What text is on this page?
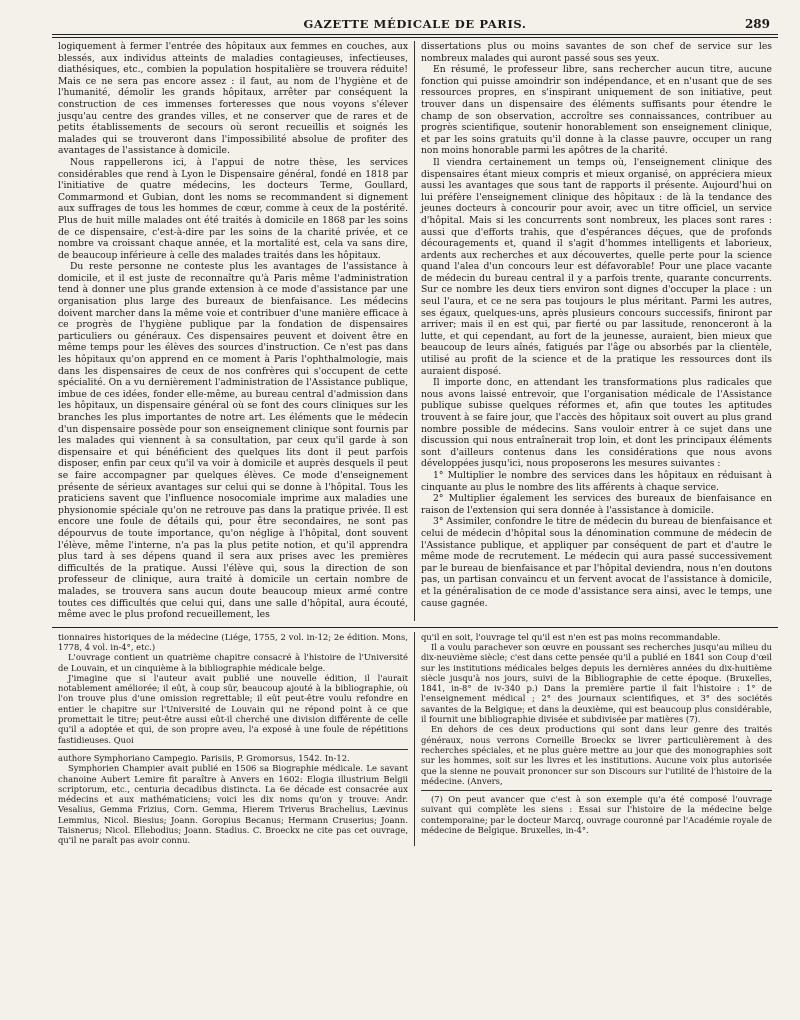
GAZETTE MÉDICALE DE PARIS.	289

logiquement à fermer l'entrée des hôpitaux aux femmes en couches, aux blessés, aux individus atteints de maladies contagieuses, infectieuses, diathésiques, etc., combien la population hospitalière se trouvera réduite! Mais ce ne sera pas encore assez : il faut, au nom de l'hygiène et de l'humanité, démolir les grands hôpitaux, arrêter par conséquent la construction de ces immenses forteresses que nous voyons s'élever jusqu'au centre des grandes villes, et ne conserver que de rares et de petits établissements de secours où seront recueillis et soignés les malades qui se trouveront dans l'impossibilité absolue de profiter des avantages de l'assistance à domicile.

Nous rappellerons ici, à l'appui de notre thèse, les services considérables que rend à Lyon le Dispensaire général, fondé en 1818 par l'initiative de quatre médecins, les docteurs Terme, Goullard, Commarmond et Gubian, dont les noms se recommandent si dignement aux suffrages de tous les hommes de cœur, comme à ceux de la postérité. Plus de huit mille malades ont été traités à domicile en 1868 par les soins de ce dispensaire, c'est-à-dire par les soins de la charité privée, et ce nombre va croissant chaque année, et la mortalité est, cela va sans dire, de beaucoup inférieure à celle des malades traités dans les hôpitaux.

Du reste personne ne conteste plus les avantages de l'assistance à domicile, et il est juste de reconnaître qu'à Paris même l'administration tend à donner une plus grande extension à ce mode d'assistance par une organisation plus large des bureaux de bienfaisance. Les médecins doivent marcher dans la même voie et contribuer d'une manière efficace à ce progrès de l'hygiène publique par la fondation de dispensaires particuliers ou généraux. Ces dispensaires peuvent et doivent être en même temps pour les élèves des sources d'instruction. Ce n'est pas dans les hôpitaux qu'on apprend en ce moment à Paris l'ophthalmologie, mais dans les dispensaires de ceux de nos confrères qui s'occupent de cette spécialité. On a vu dernièrement l'administration de l'Assistance publique, imbue de ces idées, fonder elle-même, au bureau central d'admission dans les hôpitaux, un dispensaire général où se font des cours cliniques sur les branches les plus importantes de notre art. Les éléments que le médecin d'un dispensaire possède pour son enseignement clinique sont fournis par les malades qui viennent à sa consultation, par ceux qu'il garde à son dispensaire et qui bénéficient des quelques lits dont il peut parfois disposer, enfin par ceux qu'il va voir à domicile et auprès desquels il peut se faire accompagner par quelques élèves. Ce mode d'enseignement présente de sérieux avantages sur celui qui se donne à l'hôpital. Tous les praticiens savent que l'influence nosocomiale imprime aux maladies une physionomie spéciale qu'on ne retrouve pas dans la pratique privée. Il est encore une foule de détails qui, pour être secondaires, ne sont pas dépourvus de toute importance, qu'on néglige à l'hôpital, dont souvent l'élève, même l'interne, n'a pas la plus petite notion, et qu'il apprendra plus tard à ses dépens quand il sera aux prises avec les premières difficultés de la pratique. Aussi l'élève qui, sous la direction de son professeur de clinique, aura traité à domicile un certain nombre de malades, se trouvera sans aucun doute beaucoup mieux armé contre toutes ces difficultés que celui qui, dans une salle d'hôpital, aura écouté, même avec le plus profond recueillement, les

dissertations plus ou moins savantes de son chef de service sur les nombreux malades qui auront passé sous ses yeux.

En résumé, le professeur libre, sans rechercher aucun titre, aucune fonction qui puisse amoindrir son indépendance, et en n'usant que de ses ressources propres, en s'inspirant uniquement de son initiative, peut trouver dans un dispensaire des éléments suffisants pour étendre le champ de son observation, accroître ses connaissances, contribuer au progrès scientifique, soutenir honorablement son enseignement clinique, et par les soins gratuits qu'il donne à la classe pauvre, occuper un rang non moins honorable parmi les apôtres de la charité.

Il viendra certainement un temps où, l'enseignement clinique des dispensaires étant mieux compris et mieux organisé, on appréciera mieux aussi les avantages que sous tant de rapports il présente. Aujourd'hui on lui préfère l'enseignement clinique des hôpitaux : de là la tendance des jeunes docteurs à concourir pour avoir, avec un titre officiel, un service d'hôpital. Mais si les concurrents sont nombreux, les places sont rares : aussi que d'efforts trahis, que d'espérances déçues, que de profonds découragements et, quand il s'agit d'hommes intelligents et laborieux, ardents aux recherches et aux découvertes, quelle perte pour la science quand l'alea d'un concours leur est défavorable! Pour une place vacante de médecin du bureau central il y a parfois trente, quarante concurrents. Sur ce nombre les deux tiers environ sont dignes d'occuper la place : un seul l'aura, et ce ne sera pas toujours le plus méritant. Parmi les autres, ses égaux, quelques-uns, après plusieurs concours successifs, finiront par arriver; mais il en est qui, par fierté ou par lassitude, renonceront à la lutte, et qui cependant, au fort de la jeunesse, auraient, bien mieux que beaucoup de leurs aînés, fatigués par l'âge ou absorbés par la clientèle, utilisé au profit de la science et de la pratique les ressources dont ils auraient disposé.

Il importe donc, en attendant les transformations plus radicales que nous avons laissé entrevoir, que l'organisation médicale de l'Assistance publique subisse quelques réformes et, afin que toutes les aptitudes trouvent à se faire jour, que l'accès des hôpitaux soit ouvert au plus grand nombre possible de médecins. Sans vouloir entrer à ce sujet dans une discussion qui nous entraînerait trop loin, et dont les principaux éléments sont d'ailleurs contenus dans les considérations que nous avons développées jusqu'ici, nous proposerons les mesures suivantes :

1° Multiplier le nombre des services dans les hôpitaux en réduisant à cinquante au plus le nombre des lits afférents à chaque service.

2° Multiplier également les services des bureaux de bienfaisance en raison de l'extension qui sera donnée à l'assistance à domicile.

3° Assimiler, confondre le titre de médecin du bureau de bienfaisance et celui de médecin d'hôpital sous la dénomination commune de médecin de l'Assistance publique, et appliquer par conséquent de part et d'autre le même mode de recrutement. Le médecin qui aura passé successivement par le bureau de bienfaisance et par l'hôpital deviendra, nous n'en doutons pas, un partisan convaincu et un fervent avocat de l'assistance à domicile, et la généralisation de ce mode d'assistance sera ainsi, avec le temps, une cause gagnée.

tionnaires historiques de la médecine (Liége, 1755, 2 vol. in-12; 2e édition. Mons, 1778, 4 vol. in-4°, etc.)

L'ouvrage contient un quatrième chapitre consacré à l'histoire de l'Université de Louvain, et un cinquième à la bibliographie médicale belge.

J'imagine que si l'auteur avait publié une nouvelle édition, il l'aurait notablement améliorée; il eût, à coup sûr, beaucoup ajouté à la bibliographie, où l'on trouve plus d'une omission regrettable; il eût peut-être voulu refondre en entier le chapitre sur l'Université de Louvain qui ne répond point à ce que promettait le titre; peut-être aussi eût-il cherché une division différente de celle qu'il a adoptée et qui, de son propre aveu, l'a exposé à une foule de répétitions fastidieuses. Quoi

authore Symphoriano Campegio. Parisiis, P. Gromorsus, 1542. In-12.

Symphorien Champier avait publié en 1506 sa Biographie médicale. Le savant chanoine Aubert Lemire fit paraître à Anvers en 1602: Elogia illustrium Belgii scriptorum, etc., centuria decadibus distincta. La 6e décade est consacrée aux médecins et aux mathématiciens; voici les dix noms qu'on y trouve: Andr. Vesalius, Gemma Frizius, Corn. Gemma, Hierem Triverus Brachelius, Lævinus Lemmius, Nicol. Biesius; Joann. Goropius Becanus; Hermann Cruserius; Joann. Taisnerus; Nicol. Ellebodius; Joann. Stadius. C. Broeckx ne cite pas cet ouvrage, qu'il ne paraît pas avoir connu.

qu'il en soit, l'ouvrage tel qu'il est n'en est pas moins recommandable.

Il a voulu parachever son œuvre en poussant ses recherches jusqu'au milieu du dix-neuvième siècle; c'est dans cette pensée qu'il a publié en 1841 son Coup d'œil sur les institutions médicales belges depuis les dernières années du dix-huitième siècle jusqu'à nos jours, suivi de la Bibliographie de cette époque. (Bruxelles, 1841, in-8° de iv-340 p.) Dans la première partie il fait l'histoire : 1° de l'enseignement médical ; 2° des journaux scientifiques, et 3° des sociétés savantes de la Belgique; et dans la deuxième, qui est beaucoup plus considérable, il fournit une bibliographie divisée et subdivisée par matières (7).

En dehors de ces deux productions qui sont dans leur genre des traités généraux, nous verrons Corneille Broeckx se livrer particulièrement à des recherches spéciales, et ne plus guère mettre au jour que des monographies soit sur les hommes, soit sur les livres et les institutions. Aucune voix plus autorisée que la sienne ne pouvait prononcer sur son Discours sur l'utilité de l'histoire de la médecine. (Anvers,

(7) On peut avancer que c'est à son exemple qu'a été composé l'ouvrage suivant qui complète les siens : Essai sur l'histoire de la médecine belge contemporaine; par le docteur Marcq, ouvrage couronné par l'Académie royale de médecine de Belgique. Bruxelles, in-4°.
